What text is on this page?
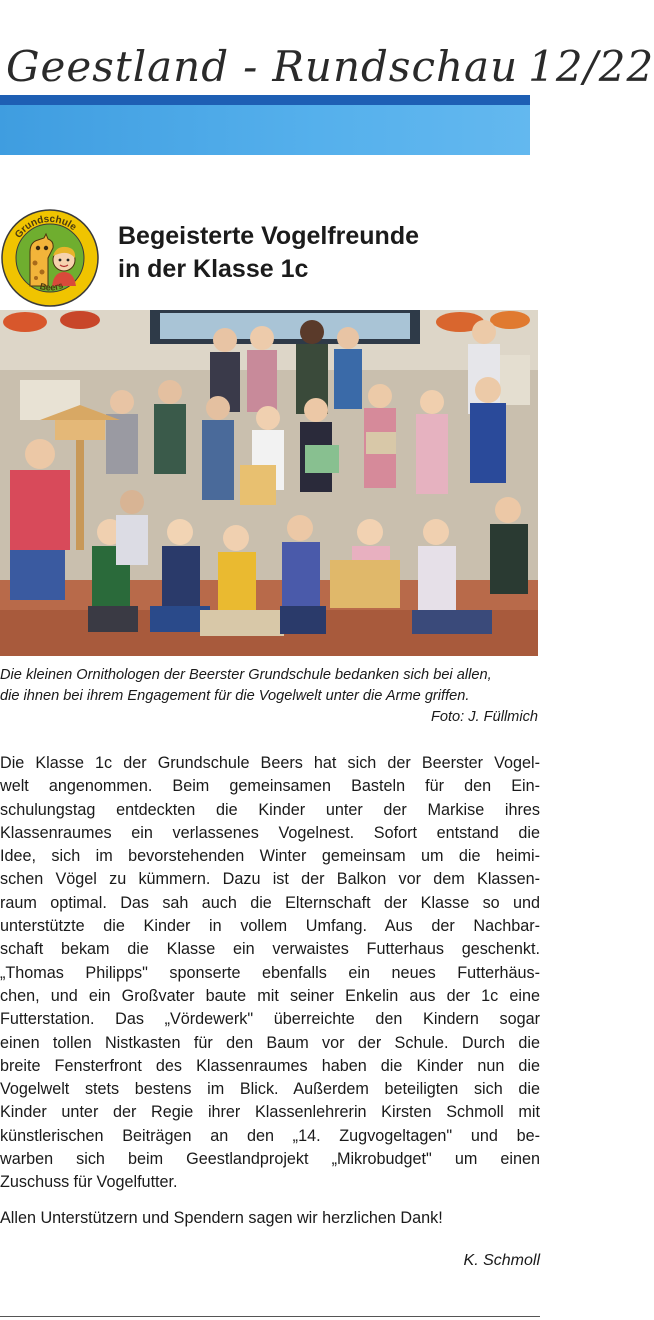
Geestland - Rundschau 12/22
Grundschule
Beers
Begeisterte Vogelfreunde
in der Klasse 1c
Die kleinen Ornithologen der Beerster Grundschule bedanken sich bei allen,
die ihnen bei ihrem Engagement für die Vogelwelt unter die Arme griffen.
Foto: J. Füllmich
Die Klasse 1c der Grundschule Beers hat sich der Beerster Vogel-
welt angenommen. Beim gemeinsamen Basteln für den Ein-
schulungstag entdeckten die Kinder unter der Markise ihres
Klassenraumes ein verlassenes Vogelnest. Sofort entstand die
Idee, sich im bevorstehenden Winter gemeinsam um die heimi-
schen Vögel zu kümmern. Dazu ist der Balkon vor dem Klassen-
raum optimal. Das sah auch die Elternschaft der Klasse so und
unterstützte die Kinder in vollem Umfang. Aus der Nachbar-
schaft bekam die Klasse ein verwaistes Futterhaus geschenkt.
„Thomas Philipps" sponserte ebenfalls ein neues Futterhäus-
chen, und ein Großvater baute mit seiner Enkelin aus der 1c eine
Futterstation. Das „Vördewerk" überreichte den Kindern sogar
einen tollen Nistkasten für den Baum vor der Schule. Durch die
breite Fensterfront des Klassenraumes haben die Kinder nun die
Vogelwelt stets bestens im Blick. Außerdem beteiligten sich die
Kinder unter der Regie ihrer Klassenlehrerin Kirsten Schmoll mit
künstlerischen Beiträgen an den „14. Zugvogeltagen" und be-
warben sich beim Geestlandprojekt „Mikrobudget" um einen
Zuschuss für Vogelfutter.
Allen Unterstützern und Spendern sagen wir herzlichen Dank!
K. Schmoll
